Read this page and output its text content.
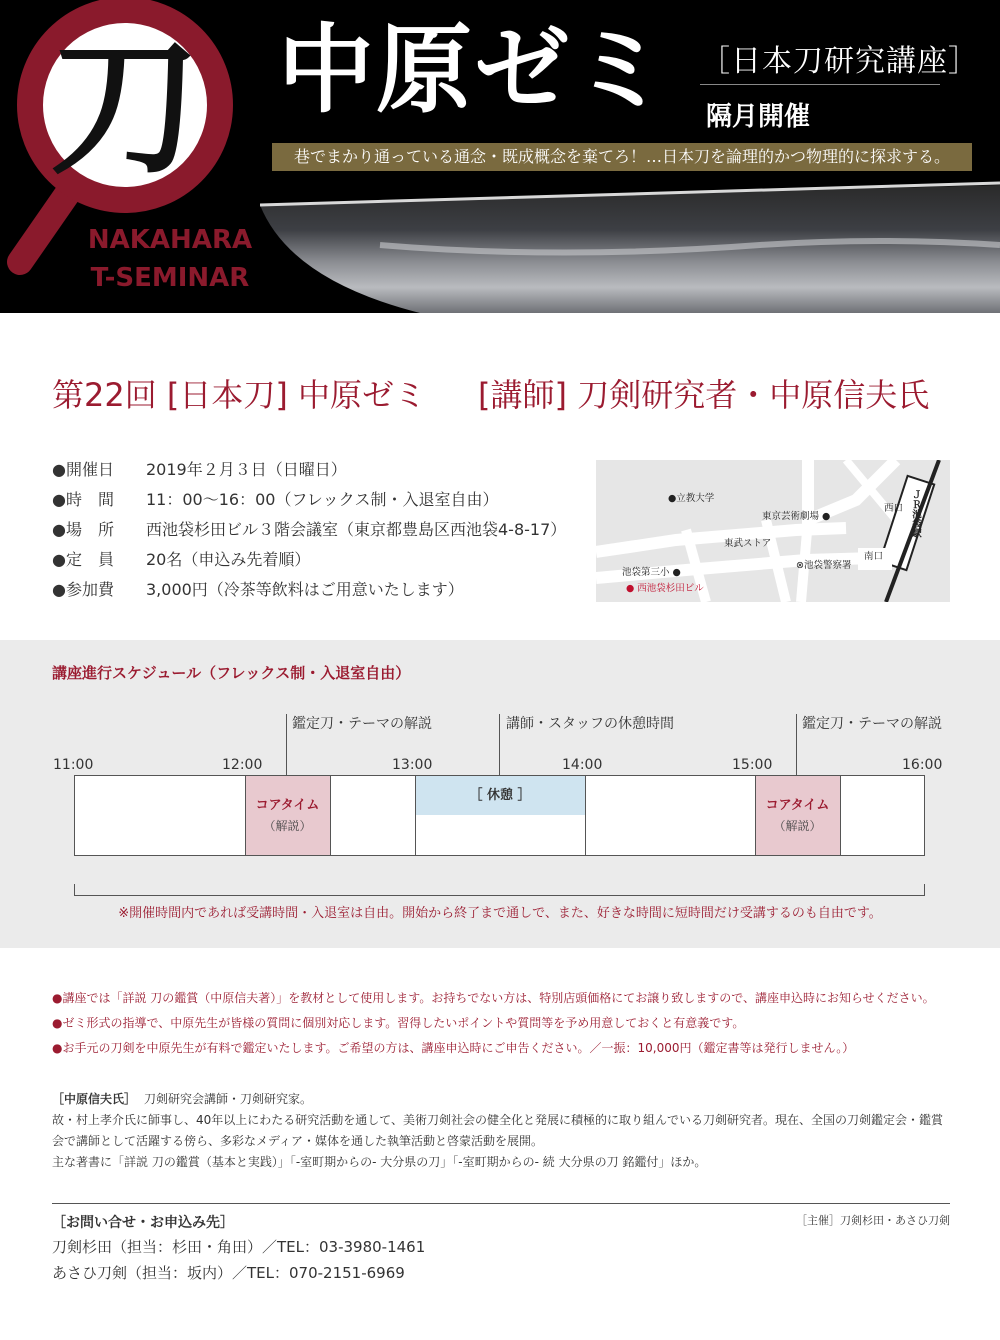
刀
NAKAHARA
T-SEMINAR
中原ゼミ ［日本刀研究講座］
隔月開催
巷でまかり通っている通念・既成概念を棄てろ！…日本刀を論理的かつ物理的に探求する。
第22回 [日本刀] 中原ゼミ [講師] 刀剣研究者・中原信夫氏
●開催日 2019年２月３日（日曜日）
●時　間 11：00〜16：00（フレックス制・入退室自由）
●場　所 西池袋杉田ビル３階会議室（東京都豊島区西池袋4-8-17）
●定　員 20名（申込み先着順）
●参加費 3,000円（冷茶等飲料はご用意いたします）
●立教大学
東京芸術劇場 ●
西口 ＪＲ池袋駅
東武ストア
南口
⊗池袋警察署
池袋第三小 ●
● 西池袋杉田ビル
講座進行スケジュール（フレックス制・入退室自由）
鑑定刀・テーマの解説	講師・スタッフの休憩時間	鑑定刀・テーマの解説
11:00	12:00	13:00	14:00	15:00	16:00
コアタイム
（解説）
コアタイム
（解説）
［ 休憩 ］
※開催時間内であれば受講時間・入退室は自由。開始から終了まで通しで、また、好きな時間に短時間だけ受講するのも自由です。
●講座では「詳説 刀の鑑賞（中原信夫著）」を教材として使用します。お持ちでない方は、特別店頭価格にてお譲り致しますので、講座申込時にお知らせください。
●ゼミ形式の指導で、中原先生が皆様の質問に個別対応します。習得したいポイントや質問等を予め用意しておくと有意義です。
●お手元の刀剣を中原先生が有料で鑑定いたします。ご希望の方は、講座申込時にご申告ください。／一振：10,000円（鑑定書等は発行しません。）
［中原信夫氏］ 刀剣研究会講師・刀剣研究家。
故・村上孝介氏に師事し、40年以上にわたる研究活動を通して、美術刀剣社会の健全化と発展に積極的に取り組んでいる刀剣研究者。現在、全国の刀剣鑑定会・鑑賞会で講師として活躍する傍ら、多彩なメディア・媒体を通した執筆活動と啓蒙活動を展開。
主な著書に「詳説 刀の鑑賞（基本と実践）」「-室町期からの- 大分県の刀」「-室町期からの- 続 大分県の刀 銘鑑付」ほか。
［お問い合せ・お申込み先］	［主催］刀剣杉田・あさひ刀剣
刀剣杉田（担当：杉田・角田）／TEL：03-3980-1461
あさひ刀剣（担当：坂内）／TEL：070-2151-6969
